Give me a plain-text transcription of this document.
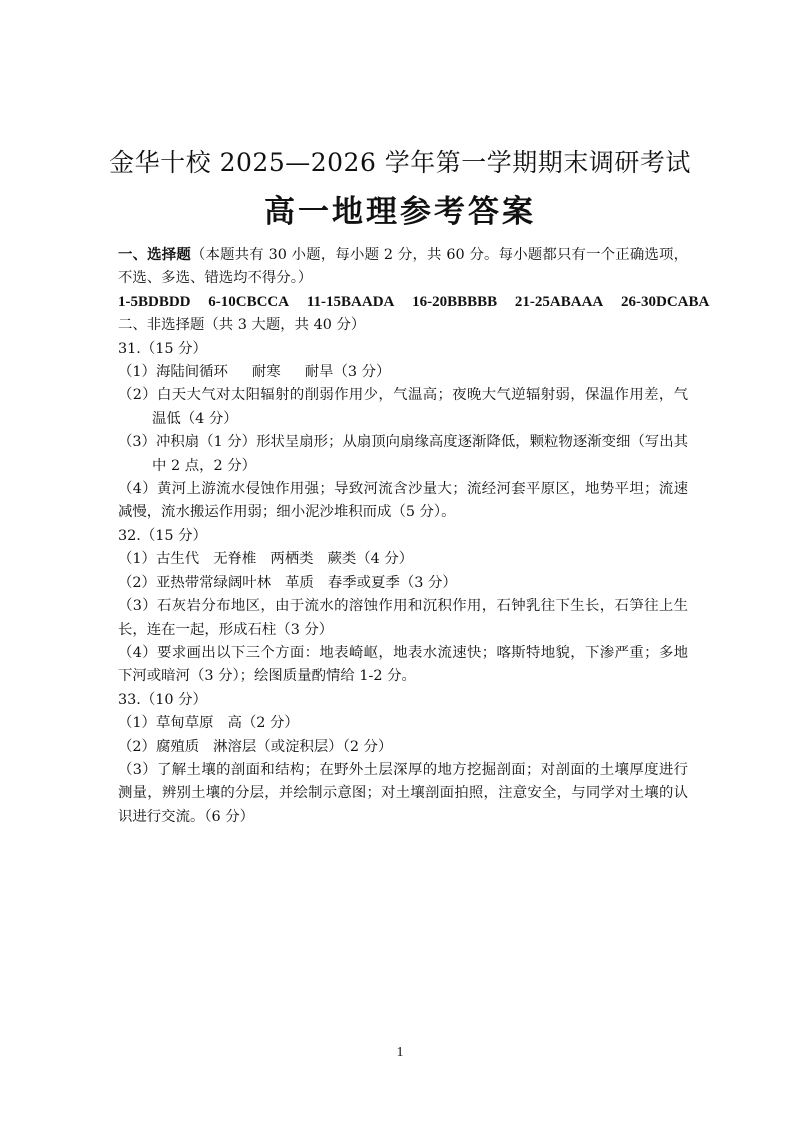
金华十校 2025—2026 学年第一学期期末调研考试
高一地理参考答案
一、选择题（本题共有 30 小题，每小题 2 分，共 60 分。每小题都只有一个正确选项，不选、多选、错选均不得分。）
1-5BDBDD 6-10CBCCA 11-15BAADA 16-20BBBBB 21-25ABAAA 26-30DCABA
二、非选择题（共 3 大题，共 40 分）
31.（15 分）
（1）海陆间循环 耐寒 耐旱（3 分）
（2）白天大气对太阳辐射的削弱作用少，气温高；夜晚大气逆辐射弱，保温作用差，气温低（4 分）
（3）冲积扇（1 分）形状呈扇形；从扇顶向扇缘高度逐渐降低，颗粒物逐渐变细（写出其中 2 点，2 分）
（4）黄河上游流水侵蚀作用强；导致河流含沙量大；流经河套平原区，地势平坦；流速减慢，流水搬运作用弱；细小泥沙堆积而成（5 分）。
32.（15 分）
（1）古生代 无脊椎 两栖类 蕨类（4 分）
（2）亚热带常绿阔叶林 革质 春季或夏季（3 分）
（3）石灰岩分布地区，由于流水的溶蚀作用和沉积作用，石钟乳往下生长，石笋往上生长，连在一起，形成石柱（3 分）
（4）要求画出以下三个方面：地表崎岖，地表水流速快；喀斯特地貌，下渗严重；多地下河或暗河（3 分）；绘图质量酌情给 1-2 分。
33.（10 分）
（1）草甸草原 高（2 分）
（2）腐殖质 淋溶层（或淀积层）（2 分）
（3）了解土壤的剖面和结构；在野外土层深厚的地方挖掘剖面；对剖面的土壤厚度进行测量，辨别土壤的分层，并绘制示意图；对土壤剖面拍照，注意安全，与同学对土壤的认识进行交流。（6 分）
1
